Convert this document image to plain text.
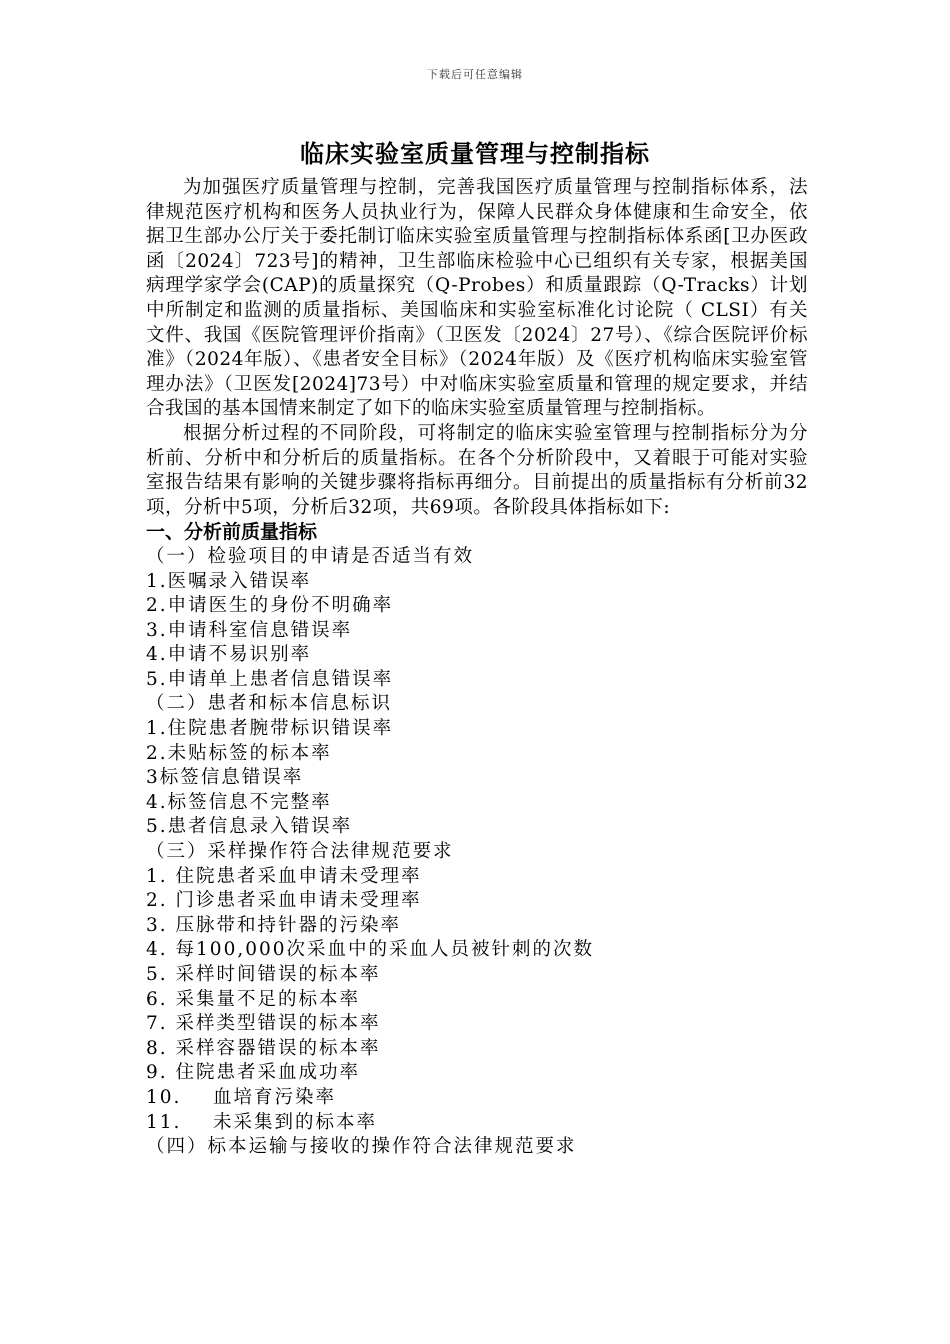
下载后可任意编辑
临床实验室质量管理与控制指标

为加强医疗质量管理与控制，完善我国医疗质量管理与控制指标体系，法律规范医疗机构和医务人员执业行为，保障人民群众身体健康和生命安全，依据卫生部办公厅关于委托制订临床实验室质量管理与控制指标体系函[卫办医政函〔2024〕723号]的精神，卫生部临床检验中心已组织有关专家，根据美国病理学家学会(CAP)的质量探究（Q-Probes）和质量跟踪（Q-Tracks）计划中所制定和监测的质量指标、美国临床和实验室标准化讨论院（ CLSI）有关文件、我国《医院管理评价指南》（卫医发〔2024〕27号）、《综合医院评价标准》（2024年版）、《患者安全目标》（2024年版）及《医疗机构临床实验室管理办法》（卫医发[2024]73号）中对临床实验室质量和管理的规定要求，并结合我国的基本国情来制定了如下的临床实验室质量管理与控制指标。

根据分析过程的不同阶段，可将制定的临床实验室管理与控制指标分为分析前、分析中和分析后的质量指标。在各个分析阶段中，又着眼于可能对实验室报告结果有影响的关键步骤将指标再细分。目前提出的质量指标有分析前32项，分析中5项，分析后32项，共69项。各阶段具体指标如下:

一、分析前质量指标

（一）检验项目的申请是否适当有效
1.医嘱录入错误率
2.申请医生的身份不明确率
3.申请科室信息错误率
4.申请不易识别率
5.申请单上患者信息错误率
（二）患者和标本信息标识
1.住院患者腕带标识错误率
2.未贴标签的标本率
3标签信息错误率
4.标签信息不完整率
5.患者信息录入错误率
（三）采样操作符合法律规范要求
1. 住院患者采血申请未受理率
2. 门诊患者采血申请未受理率
3. 压脉带和持针器的污染率
4. 每100,000次采血中的采血人员被针刺的次数
5. 采样时间错误的标本率
6. 采集量不足的标本率
7. 采样类型错误的标本率
8. 采样容器错误的标本率
9. 住院患者采血成功率
10.    血培育污染率
11.    未采集到的标本率
（四）标本运输与接收的操作符合法律规范要求
